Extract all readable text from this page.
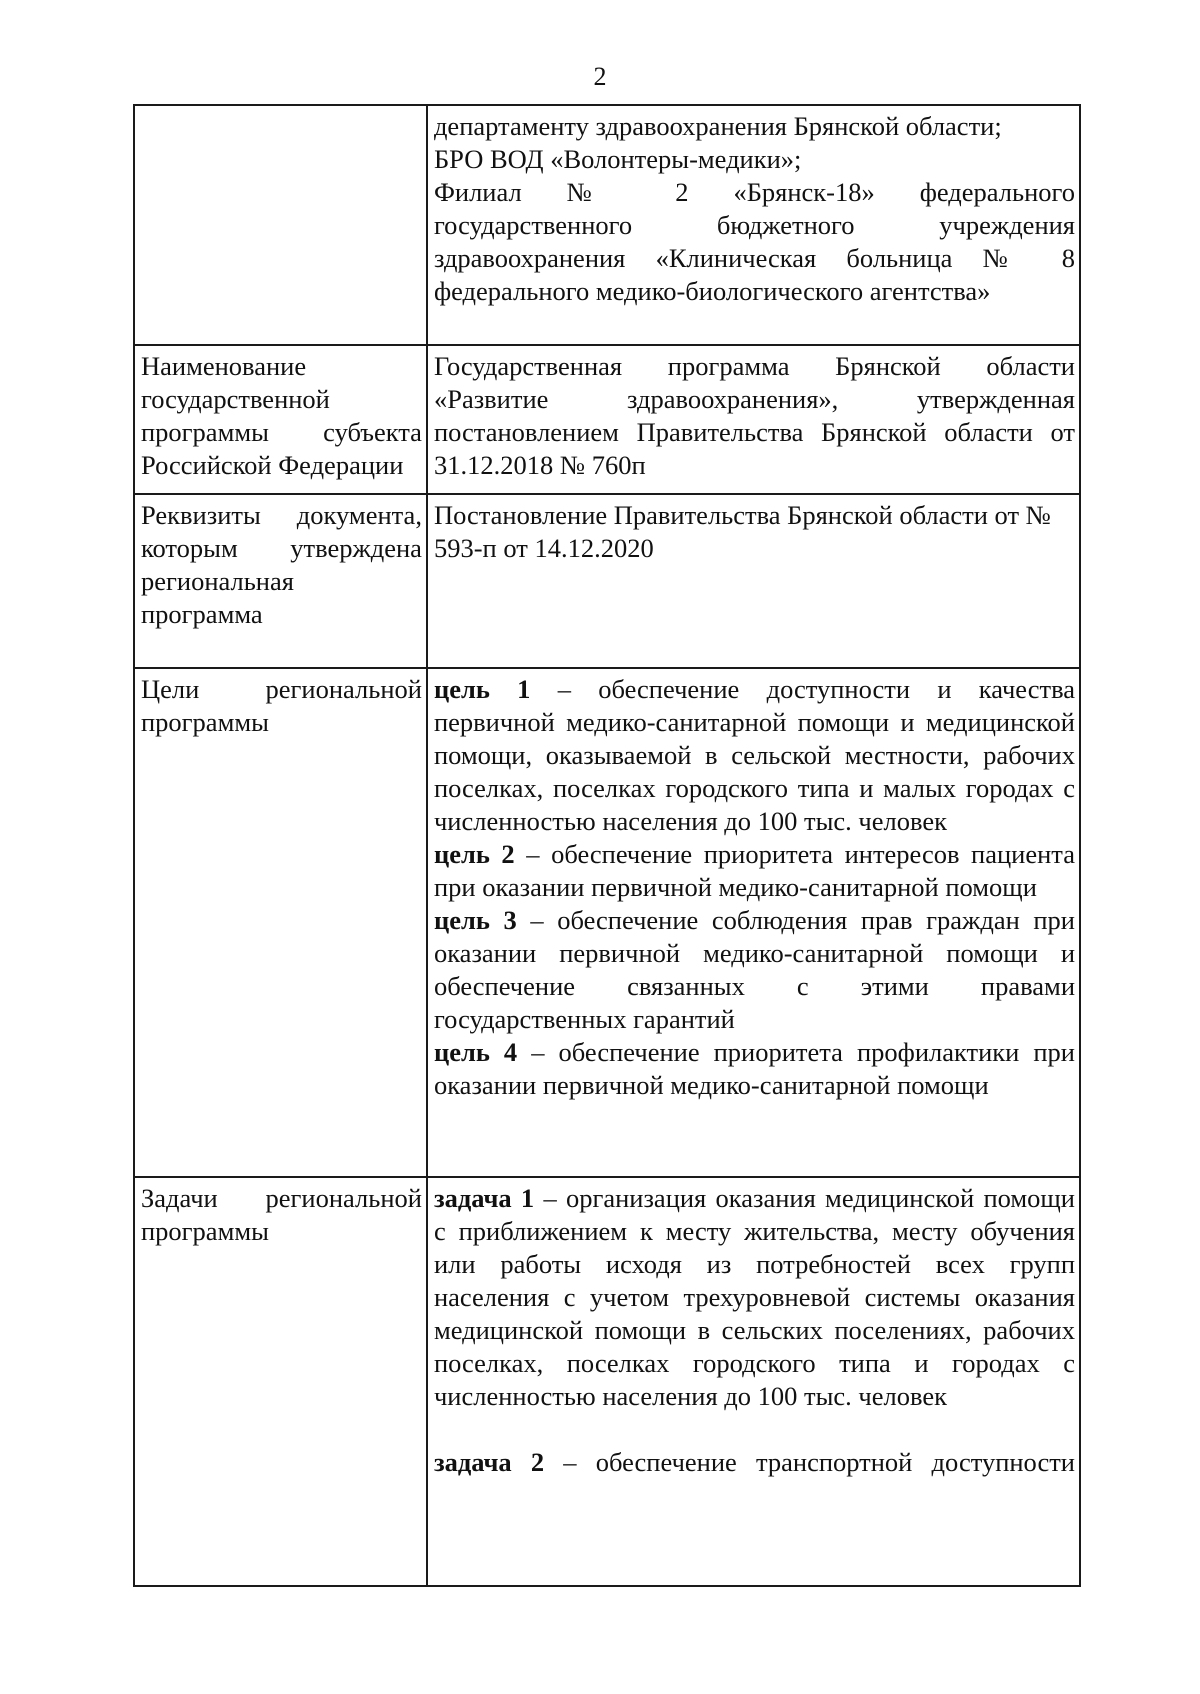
2

	департаменту здравоохранения Брянской области;

БРО ВОД «Волонтеры-медики»;

Филиал № 2 «Брянск-18» федерального государственного бюджетного учреждения здравоохранения «Клиническая больница № 8 федерального медико-биологического агентства»

Наименование государственной программы субъекта Российской Федерации	Государственная программа Брянской области «Развитие здравоохранения», утвержденная постановлением Правительства Брянской области от 31.12.2018 № 760п
Реквизиты документа, которым утверждена региональная программа	Постановление Правительства Брянской области от № 593-п от 14.12.2020
Цели региональной программы	цель 1 – обеспечение доступности и качества первичной медико-санитарной помощи и медицинской помощи, оказываемой в сельской местности, рабочих поселках, поселках городского типа и малых городах с численностью населения до 100 тыс. человек

цель 2 – обеспечение приоритета интересов пациента при оказании первичной медико-санитарной помощи

цель 3 – обеспечение соблюдения прав граждан при оказании первичной медико-санитарной помощи и обеспечение связанных с этими правами государственных гарантий

цель 4 – обеспечение приоритета профилактики при оказании первичной медико-санитарной помощи

Задачи региональной программы	задача 1 – организация оказания медицинской помощи с приближением к месту жительства, месту обучения или работы исходя из потребностей всех групп населения с учетом трехуровневой системы оказания медицинской помощи в сельских поселениях, рабочих поселках, поселках городского типа и городах с численностью населения до 100 тыс. человек

задача 2 – обеспечение транспортной доступности
